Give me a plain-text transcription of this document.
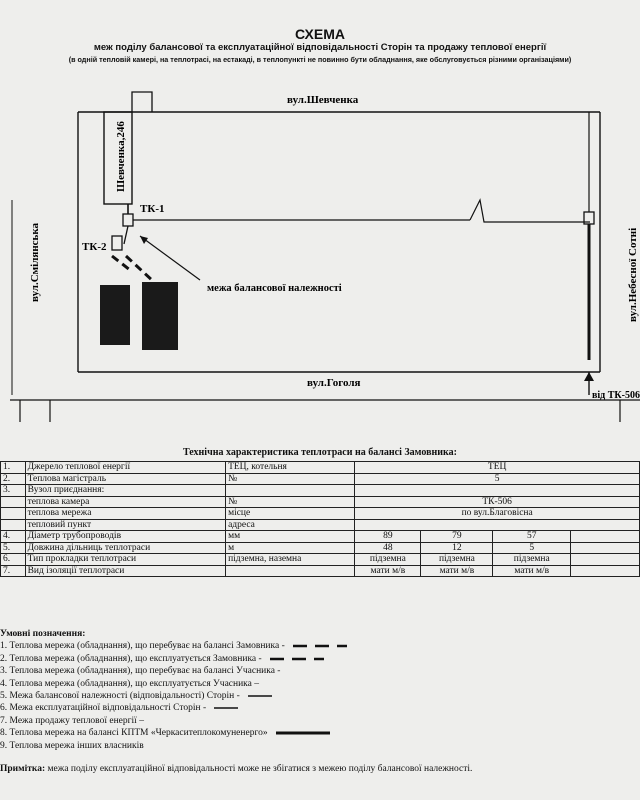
СХЕМА
меж поділу балансової та експлуатаційної відповідальності Сторін та продажу теплової енергії
(в одній тепловій камері, на теплотрасі, на естакаді, в теплопункті не повинно бути обладнання, яке обслуговується різними організаціями)
Шевченка,246
вул.Шевченка
вул.Смілянська	вул.Небесної Сотні
вул.Гоголя
ТК-1
ТК-2
межа балансової належності
від ТК-506
Технічна характеристика теплотраси на балансі Замовника:
1.	Джерело теплової енергії	ТЕЦ, котельня	ТЕЦ			
2.	Теплова магістраль	№	5			
3.	Вузол приєднання:					
	теплова камера	№	ТК-506			
	теплова мережа	місце	по вул.Благовісна			
	тепловий пункт	адреса				
4.	Діаметр трубопроводів	мм	89	79	57	
5.	Довжина дільниць теплотраси	м	48	12	5	
6.	Тип прокладки теплотраси	підземна, наземна	підземна	підземна	підземна	
7.	Вид ізоляції теплотраси		мати м/в	мати м/в	мати м/в	
Умовні позначення:
1. Теплова мережа (обладнання), що перебуває на балансі Замовника -
2. Теплова мережа (обладнання), що експлуатується Замовника -
3. Теплова мережа (обладнання), що перебуває на балансі Учасника -
4. Теплова мережа (обладнання), що експлуатується Учасника –
5. Межа балансової належності (відповідальності) Сторін -
6. Межа експлуатаційної відповідальності Сторін -
7. Межа продажу теплової енергії –
8. Теплова мережа на балансі КПТМ «Черкаситеплокомуненерго»
9. Теплова мережа інших власників
Примітка: межа поділу експлуатаційної відповідальності може не збігатися з межею поділу балансової належності.
